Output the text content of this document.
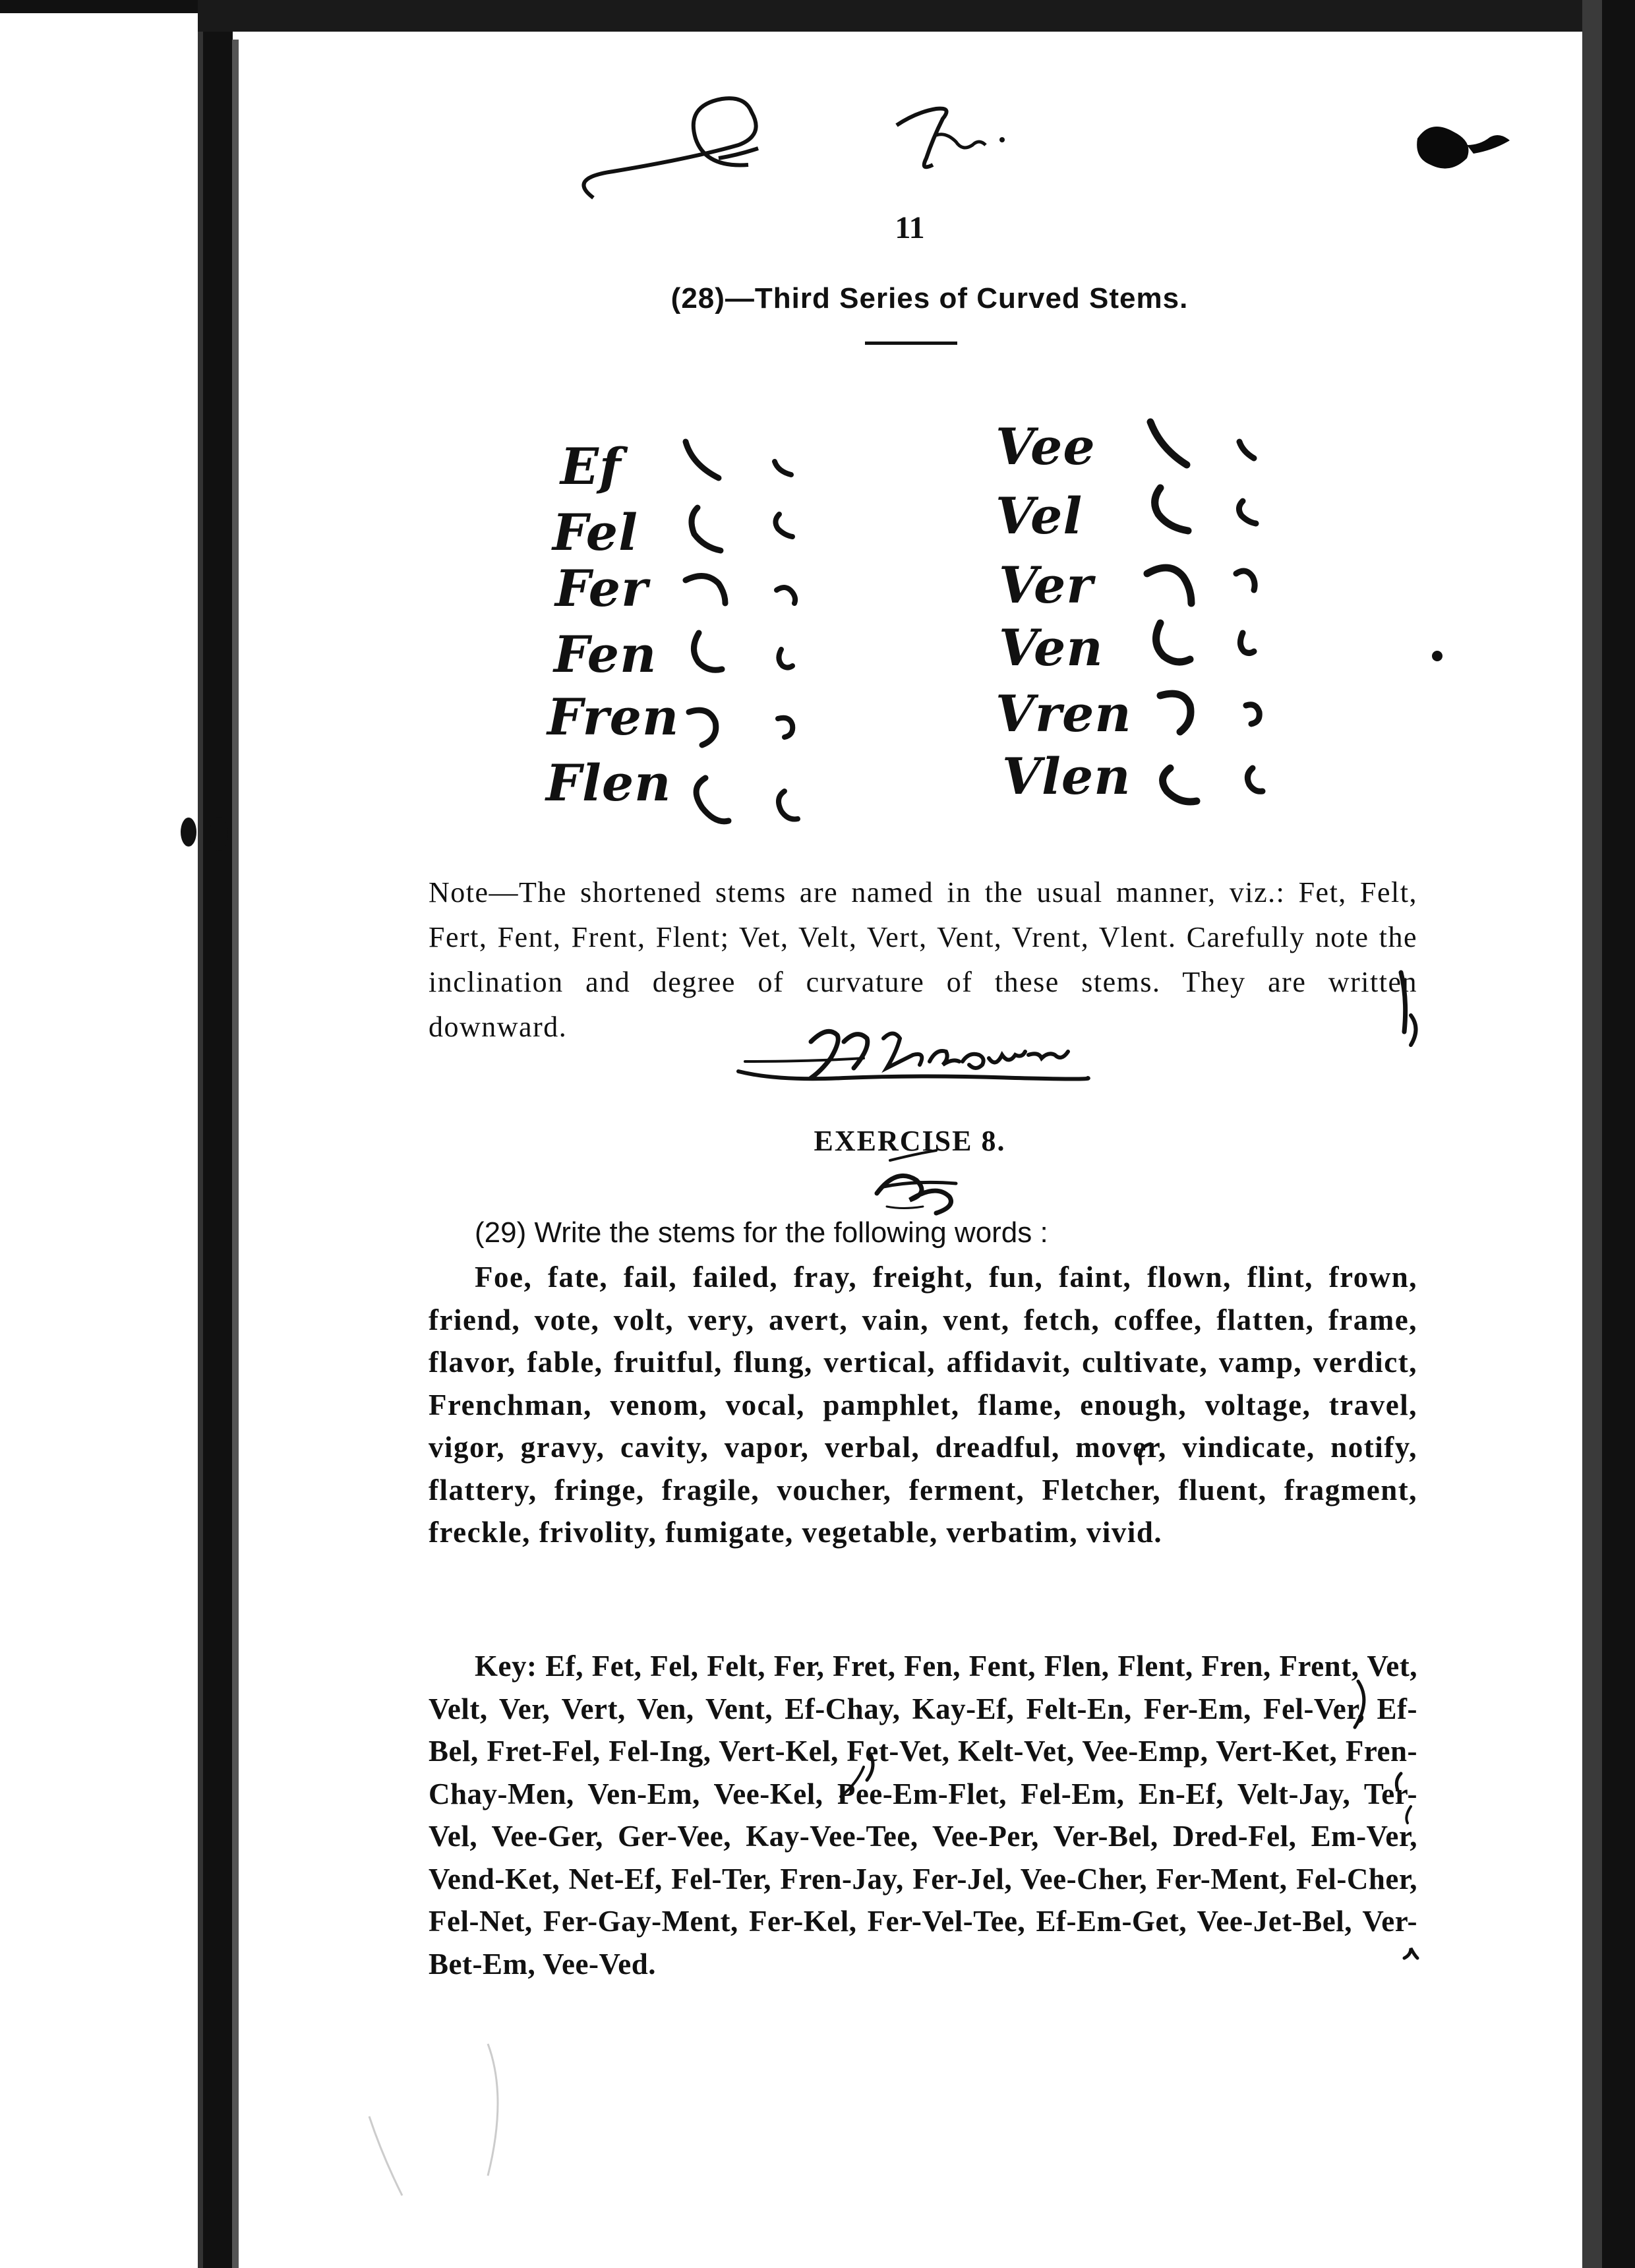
11
(28)—Third Series of Curved Stems.
Ef
Fel
Fer
Fen
Fren
Flen
Vee
Vel
Ver
Ven
Vren
Vlen
Note—The shortened stems are named in the usual manner, viz.: Fet, Felt, Fert, Fent, Frent, Flent; Vet, Velt, Vert, Vent, Vrent, Vlent. Carefully note the inclination and degree of curvature of these stems. They are written downward.
EXERCISE 8.
(29) Write the stems for the following words :
Foe, fate, fail, failed, fray, freight, fun, faint, flown, flint, frown, friend, vote, volt, very, avert, vain, vent, fetch, coffee, flatten, frame, flavor, fable, fruitful, flung, vertical, affidavit, cultivate, vamp, verdict, Frenchman, venom, vocal, pamphlet, flame, enough, voltage, travel, vigor, gravy, cavity, vapor, verbal, dreadful, mover, vindicate, notify, flattery, fringe, fragile, voucher, ferment, Fletcher, fluent, fragment, freckle, frivolity, fumigate, vegetable, verbatim, vivid.
Key: Ef, Fet, Fel, Felt, Fer, Fret, Fen, Fent, Flen, Flent, Fren, Frent, Vet, Velt, Ver, Vert, Ven, Vent, Ef-Chay, Kay-Ef, Felt-En, Fer-Em, Fel-Ver, Ef-Bel, Fret-Fel, Fel-Ing, Vert-Kel, Fet-Vet, Kelt-Vet, Vee-Emp, Vert-Ket, Fren-Chay-Men, Ven-Em, Vee-Kel, Pee-Em-Flet, Fel-Em, En-Ef, Velt-Jay, Ter-Vel, Vee-Ger, Ger-Vee, Kay-Vee-Tee, Vee-Per, Ver-Bel, Dred-Fel, Em-Ver, Vend-Ket, Net-Ef, Fel-Ter, Fren-Jay, Fer-Jel, Vee-Cher, Fer-Ment, Fel-Cher, Fel-Net, Fer-Gay-Ment, Fer-Kel, Fer-Vel-Tee, Ef-Em-Get, Vee-Jet-Bel, Ver-Bet-Em, Vee-Ved.
